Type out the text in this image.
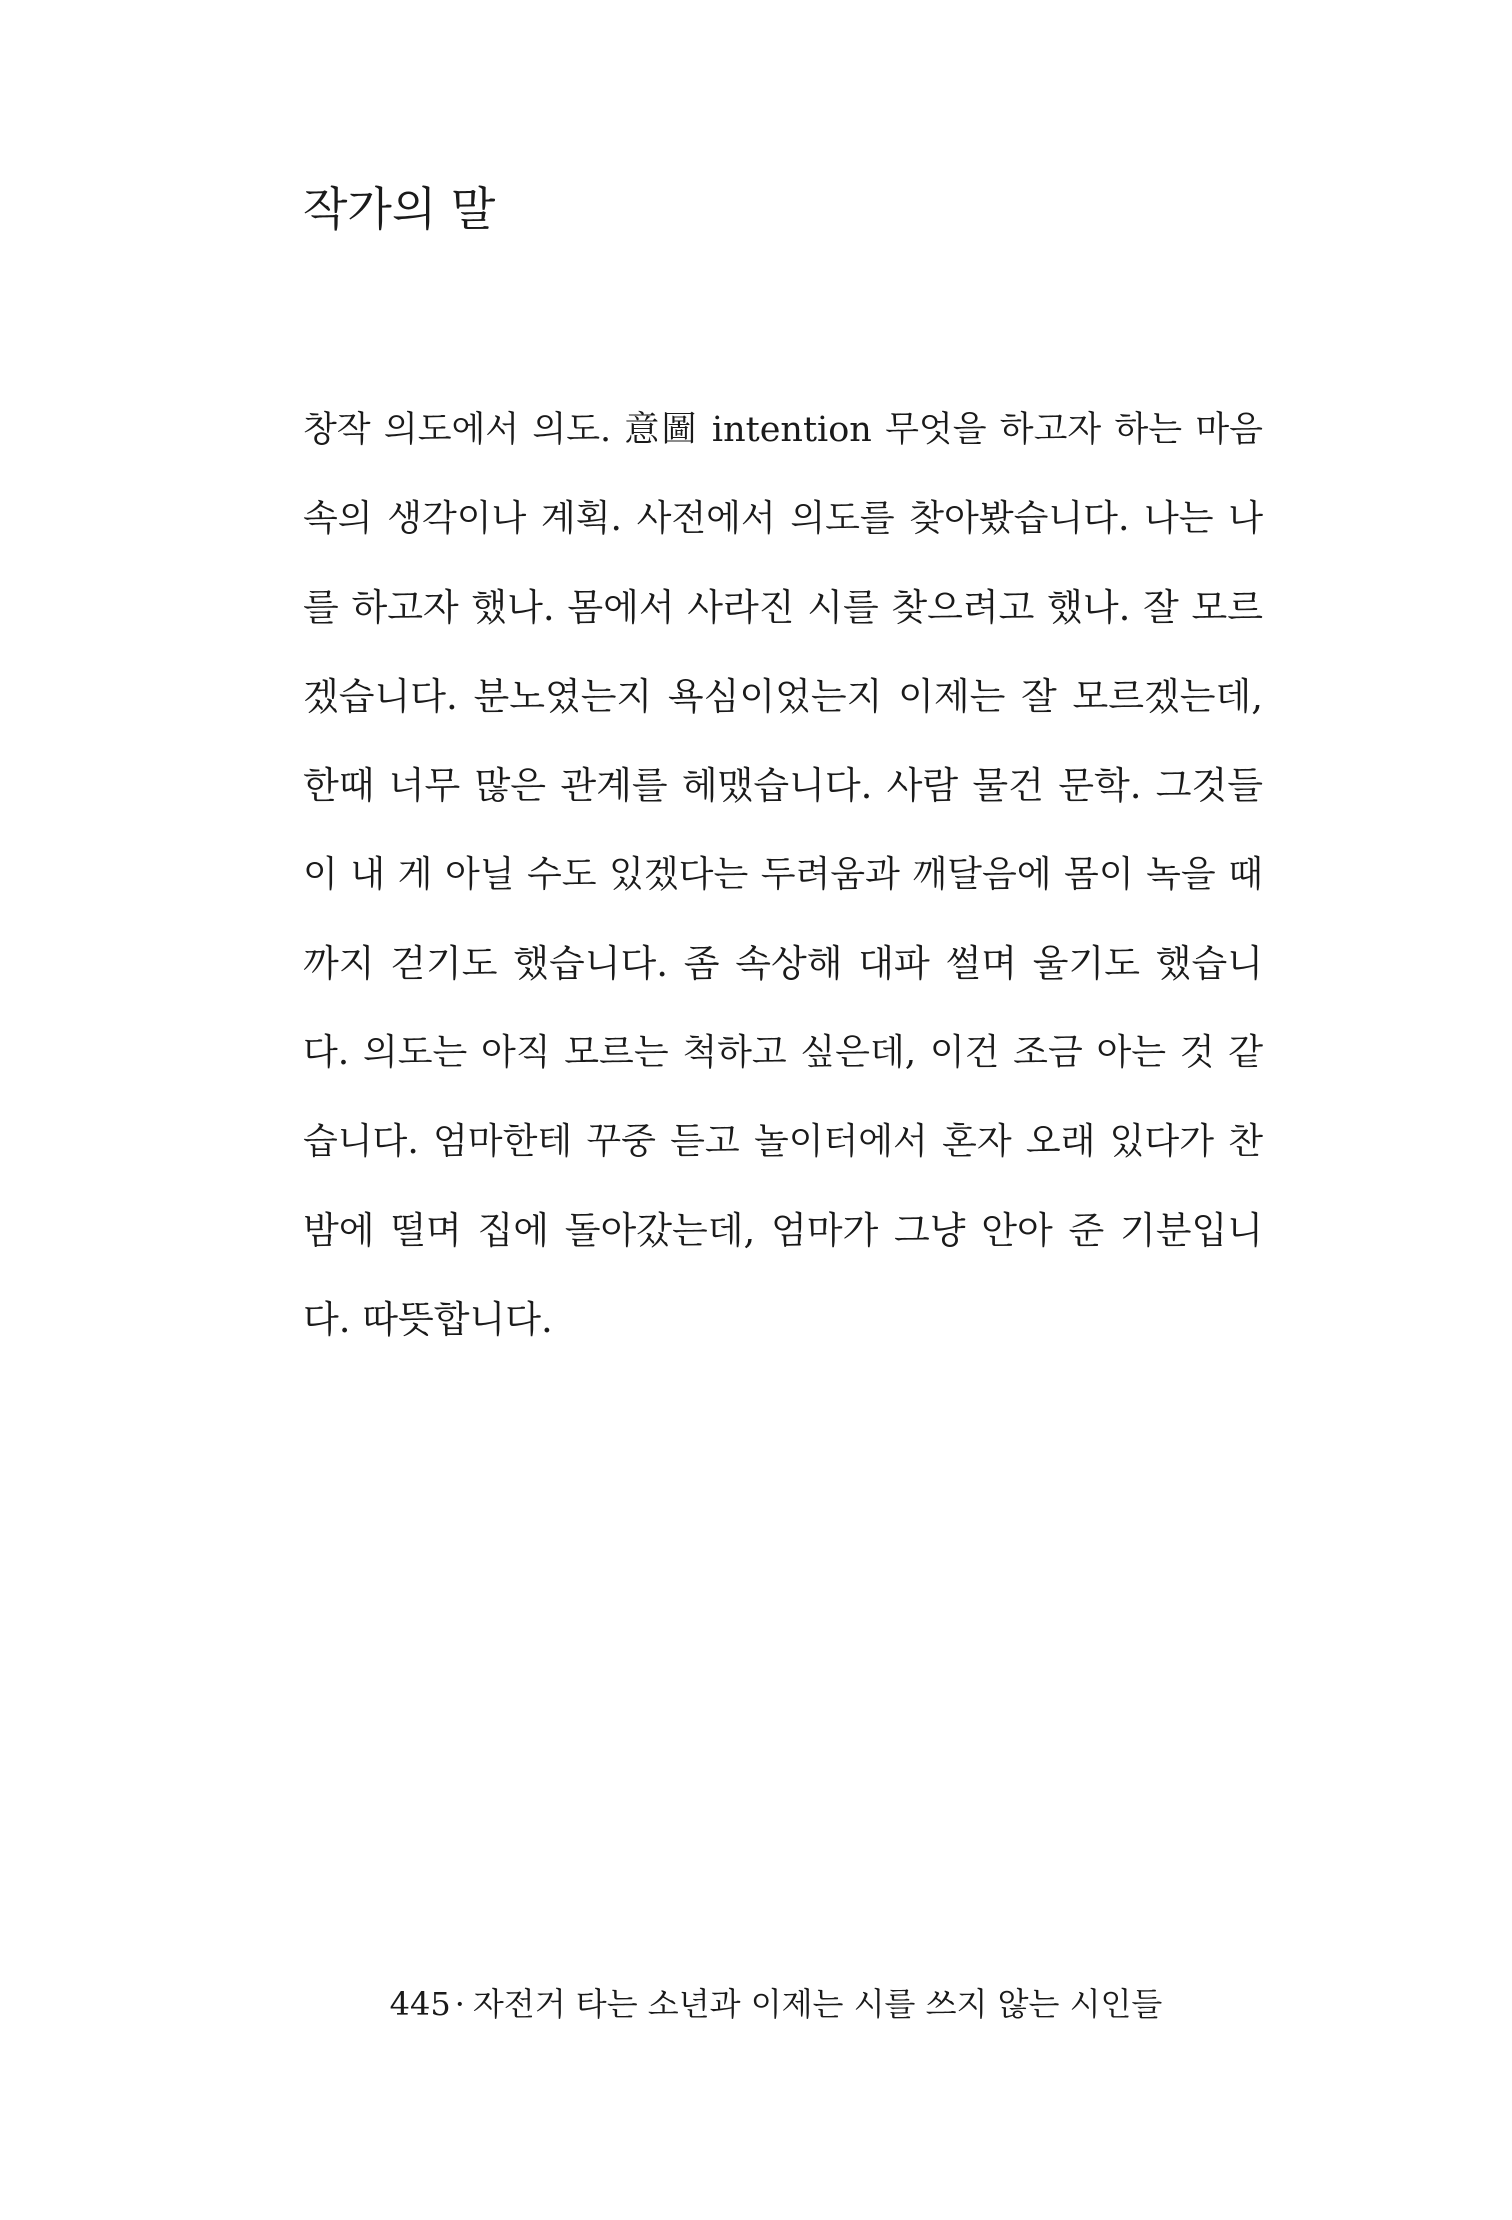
작가의 말
창작 의도에서 의도. 意圖 intention 무엇을 하고자 하는 마음
속의 생각이나 계획. 사전에서 의도를 찾아봤습니다. 나는 나
를 하고자 했나. 몸에서 사라진 시를 찾으려고 했나. 잘 모르
겠습니다. 분노였는지 욕심이었는지 이제는 잘 모르겠는데,
한때 너무 많은 관계를 헤맸습니다. 사람 물건 문학. 그것들
이 내 게 아닐 수도 있겠다는 두려움과 깨달음에 몸이 녹을 때
까지 걷기도 했습니다. 좀 속상해 대파 썰며 울기도 했습니
다. 의도는 아직 모르는 척하고 싶은데, 이건 조금 아는 것 같
습니다. 엄마한테 꾸중 듣고 놀이터에서 혼자 오래 있다가 찬
밤에 떨며 집에 돌아갔는데, 엄마가 그냥 안아 준 기분입니
다. 따뜻합니다.
445 · 자전거 타는 소년과 이제는 시를 쓰지 않는 시인들
